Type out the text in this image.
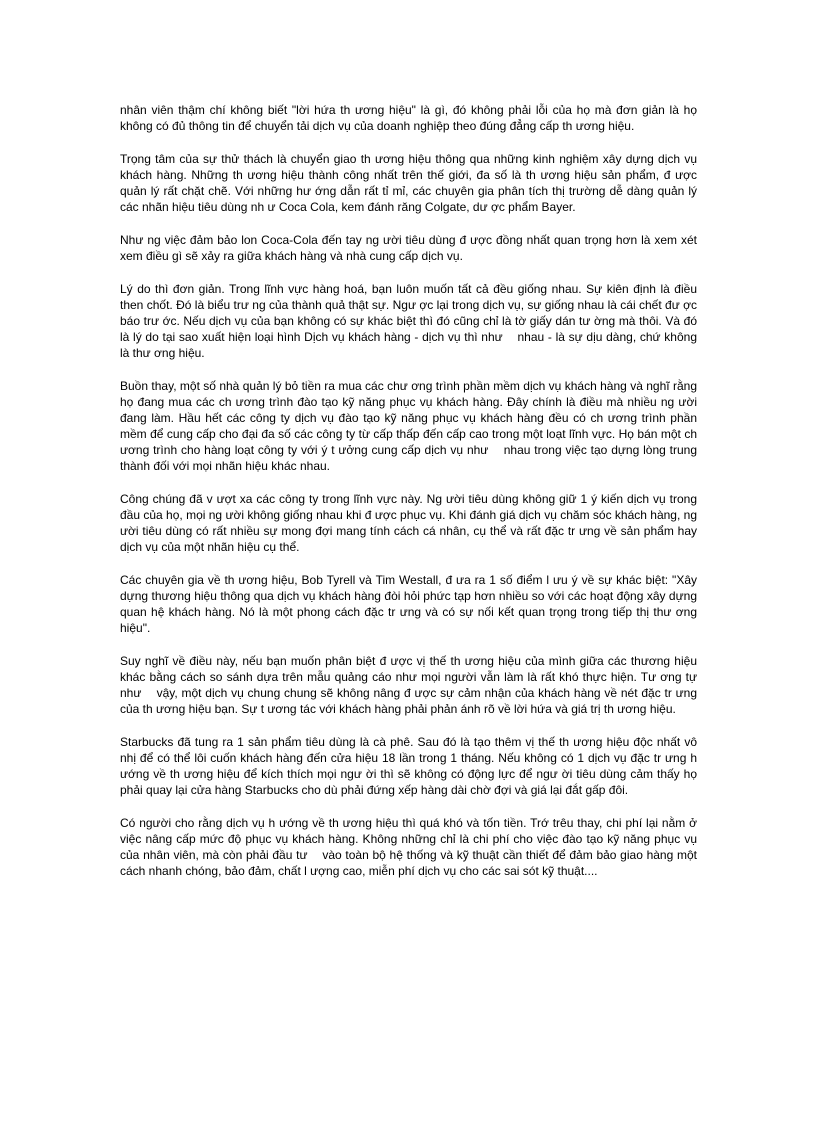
nhân viên thậm chí không biết "lời hứa th ương hiệu" là gì, đó không phải lỗi của họ mà đơn giản là họ không có đủ thông tin để chuyển tải dịch vụ của doanh nghiệp theo đúng đẳng cấp th ương hiệu.

Trọng tâm của sự thử thách là chuyển giao th ương hiệu thông qua những kinh nghiệm xây dựng dịch vụ khách hàng. Những th ương hiệu thành công nhất trên thế giới, đa số là th ương hiệu sản phẩm, đ ược quản lý rất chặt chẽ. Với những hư ớng dẫn rất tỉ mỉ, các chuyên gia phân tích thị trường dễ dàng quản lý các nhãn hiệu tiêu dùng nh ư Coca Cola, kem đánh răng Colgate, dư ợc phẩm Bayer.

Như ng việc đảm bảo lon Coca-Cola đến tay ng ười tiêu dùng đ ược đồng nhất quan trọng hơn là xem xét xem điều gì sẽ xảy ra giữa khách hàng và nhà cung cấp dịch vụ.

Lý do thì đơn giản. Trong lĩnh vực hàng hoá, bạn luôn muốn tất cả đều giống nhau. Sự kiên định là điều then chốt. Đó là biểu trư ng của thành quả thật sự. Ngư ợc lại trong dịch vụ, sự giống nhau là cái chết đư ợc báo trư ớc. Nếu dịch vụ của bạn không có sự khác biệt thì đó cũng chỉ là tờ giấy dán tư ờng mà thôi. Và đó là lý do tại sao xuất hiện loại hình Dịch vụ khách hàng - dịch vụ thì như    nhau - là sự dịu dàng, chứ không là thư ơng hiệu.

Buồn thay, một số nhà quản lý bỏ tiền ra mua các chư ơng trình phần mềm dịch vụ khách hàng và nghĩ rằng họ đang mua các ch ương trình đào tạo kỹ năng phục vụ khách hàng. Đây chính là điều mà nhiều ng ười đang làm. Hầu hết các công ty dịch vụ đào tạo kỹ năng phục vụ khách hàng đều có ch ương trình phần mềm để cung cấp cho đại đa số các công ty từ cấp thấp đến cấp cao trong một loạt lĩnh vực. Họ bán một ch ương trình cho hàng loạt công ty với ý t ưởng cung cấp dịch vụ như    nhau trong việc tạo dựng lòng trung thành đối với mọi nhãn hiệu khác nhau.

Công chúng đã v ượt xa các công ty trong lĩnh vực này. Ng ười tiêu dùng không giữ 1 ý kiến dịch vụ trong đầu của họ, mọi ng ười không giống nhau khi đ ược phục vụ. Khi đánh giá dịch vụ chăm sóc khách hàng, ng ười tiêu dùng có rất nhiều sự mong đợi mang tính cách cá nhân, cụ thể và rất đặc tr ưng về sản phẩm hay dịch vụ của một nhãn hiệu cụ thể.

Các chuyên gia về th ương hiệu, Bob Tyrell và Tim Westall, đ ưa ra 1 số điểm l ưu ý về sự khác biệt: "Xây dựng thương hiệu thông qua dịch vụ khách hàng đòi hỏi phức tạp hơn nhiều so với các hoạt động xây dựng quan hệ khách hàng. Nó là một phong cách đặc tr ưng và có sự nối kết quan trọng trong tiếp thị thư ơng hiệu".

Suy nghĩ về điều này, nếu bạn muốn phân biệt đ ược vị thế th ương hiệu của mình giữa các thương hiệu khác bằng cách so sánh dựa trên mẫu quảng cáo như mọi người vẫn làm là rất khó thực hiện. Tư ơng tự như    vậy, một dịch vụ chung chung sẽ không nâng đ ược sự cảm nhận của khách hàng về nét đặc tr ưng của th ương hiệu bạn. Sự t ương tác với khách hàng phải phản ánh rõ về lời hứa và giá trị th ương hiệu.

Starbucks đã tung ra 1 sản phẩm tiêu dùng là cà phê. Sau đó là tạo thêm vị thế th ương hiệu độc nhất vô nhị để có thể lôi cuốn khách hàng đến cửa hiệu 18 lần trong 1 tháng. Nếu không có 1 dịch vụ đặc tr ưng h ướng về th ương hiệu để kích thích mọi ngư ời thì sẽ không có động lực để ngư ời tiêu dùng cảm thấy họ phải quay lại cửa hàng Starbucks cho dù phải đứng xếp hàng dài chờ đợi và giá lại đắt gấp đôi.

Có người cho rằng dịch vụ h ướng về th ương hiệu thì quá khó và tốn tiền. Trớ trêu thay, chi phí lại nằm ở việc nâng cấp mức độ phục vụ khách hàng. Không những chỉ là chi phí cho việc đào tạo kỹ năng phục vụ của nhân viên, mà còn phải đầu tư    vào toàn bộ hệ thống và kỹ thuật cần thiết để đảm bảo giao hàng một cách nhanh chóng, bảo đảm, chất l ượng cao, miễn phí dịch vụ cho các sai sót kỹ thuật....
